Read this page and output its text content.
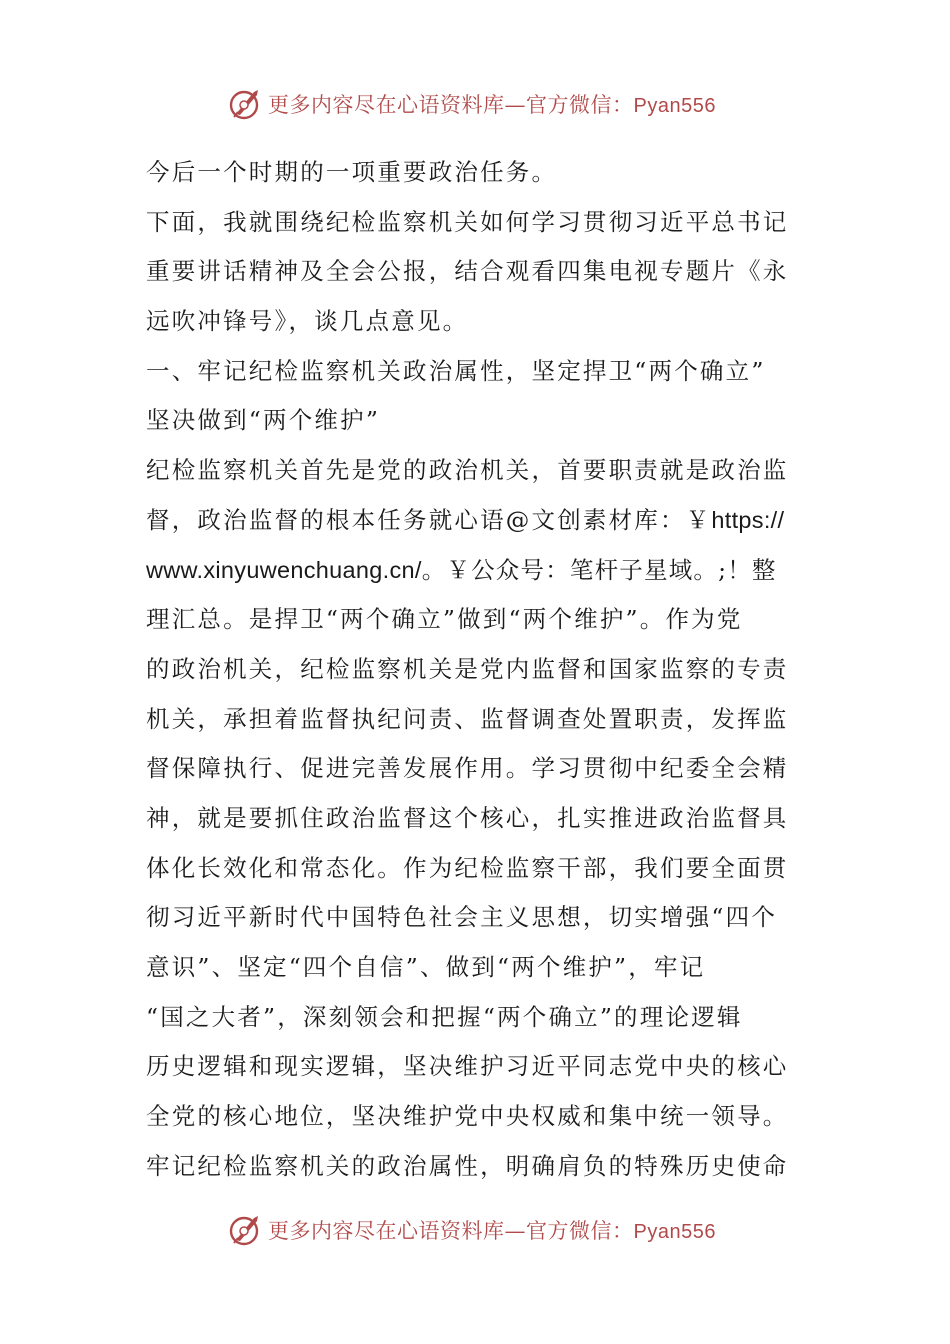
更多内容尽在心语资料库—官方微信：Pyan556
今后一个时期的一项重要政治任务。
下面，我就围绕纪检监察机关如何学习贯彻习近平总书记
重要讲话精神及全会公报，结合观看四集电视专题片《永
远吹冲锋号》，谈几点意见。
一、牢记纪检监察机关政治属性，坚定捍卫“两个确立”
坚决做到“两个维护”
纪检监察机关首先是党的政治机关，首要职责就是政治监
督，政治监督的根本任务就心语@文创素材库：￥https://
www.xinyuwenchuang.cn/。￥公众号：笔杆子星域。;！整
理汇总。是捍卫“两个确立”做到“两个维护”。作为党
的政治机关，纪检监察机关是党内监督和国家监察的专责
机关，承担着监督执纪问责、监督调查处置职责，发挥监
督保障执行、促进完善发展作用。学习贯彻中纪委全会精
神，就是要抓住政治监督这个核心，扎实推进政治监督具
体化长效化和常态化。作为纪检监察干部，我们要全面贯
彻习近平新时代中国特色社会主义思想，切实增强“四个
意识”、坚定“四个自信”、做到“两个维护”，牢记
“国之大者”，深刻领会和把握“两个确立”的理论逻辑
历史逻辑和现实逻辑，坚决维护习近平同志党中央的核心
全党的核心地位，坚决维护党中央权威和集中统一领导。
牢记纪检监察机关的政治属性，明确肩负的特殊历史使命
更多内容尽在心语资料库—官方微信：Pyan556
